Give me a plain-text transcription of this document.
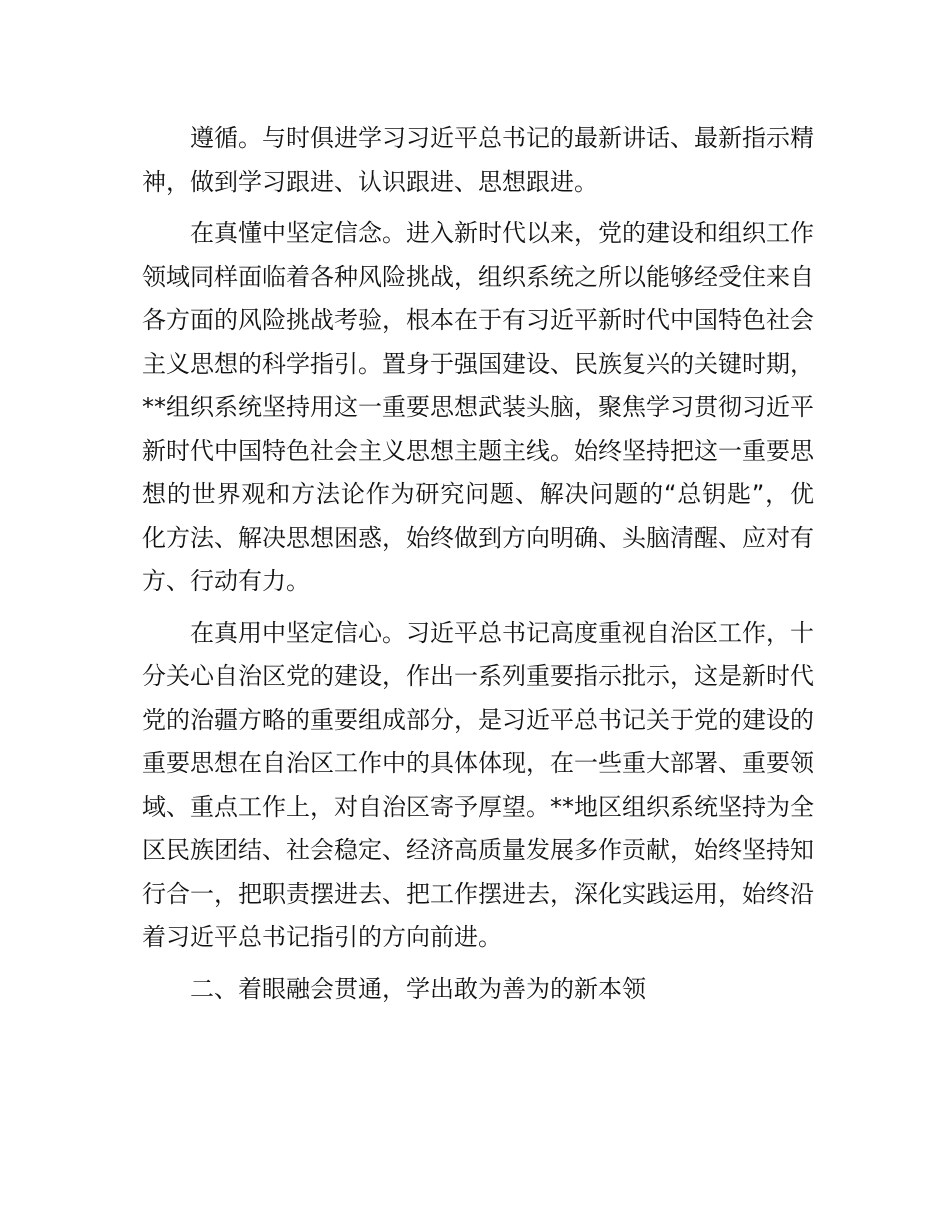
遵循。与时俱进学习习近平总书记的最新讲话、最新指示精神，做到学习跟进、认识跟进、思想跟进。

在真懂中坚定信念。进入新时代以来，党的建设和组织工作领域同样面临着各种风险挑战，组织系统之所以能够经受住来自各方面的风险挑战考验，根本在于有习近平新时代中国特色社会主义思想的科学指引。置身于强国建设、民族复兴的关键时期，**组织系统坚持用这一重要思想武装头脑，聚焦学习贯彻习近平新时代中国特色社会主义思想主题主线。始终坚持把这一重要思想的世界观和方法论作为研究问题、解决问题的“总钥匙”，优化方法、解决思想困惑，始终做到方向明确、头脑清醒、应对有方、行动有力。

在真用中坚定信心。习近平总书记高度重视自治区工作，十分关心自治区党的建设，作出一系列重要指示批示，这是新时代党的治疆方略的重要组成部分，是习近平总书记关于党的建设的重要思想在自治区工作中的具体体现，在一些重大部署、重要领域、重点工作上，对自治区寄予厚望。**地区组织系统坚持为全区民族团结、社会稳定、经济高质量发展多作贡献，始终坚持知行合一，把职责摆进去、把工作摆进去，深化实践运用，始终沿着习近平总书记指引的方向前进。

二、着眼融会贯通，学出敢为善为的新本领
